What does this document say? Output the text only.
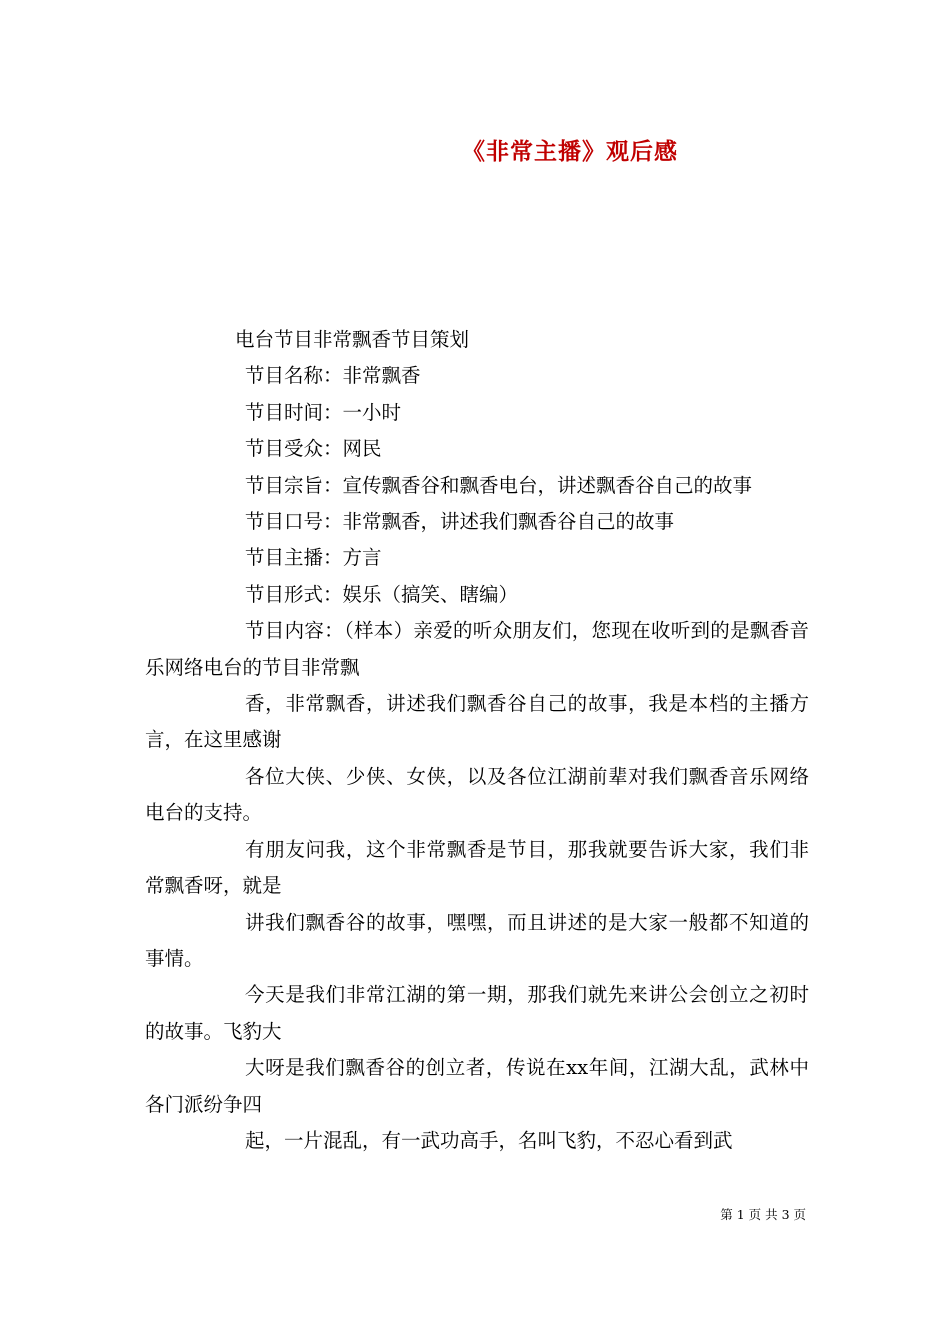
《非常主播》观后感

电台节目非常飘香节目策划

节目名称：非常飘香

节目时间：一小时

节目受众：网民

节目宗旨：宣传飘香谷和飘香电台，讲述飘香谷自己的故事

节目口号：非常飘香，讲述我们飘香谷自己的故事

节目主播：方言

节目形式：娱乐（搞笑、瞎编）

节目内容：（样本）亲爱的听众朋友们，您现在收听到的是飘香音乐网络电台的节目非常飘

香，非常飘香，讲述我们飘香谷自己的故事，我是本档的主播方言，在这里感谢

各位大侠、少侠、女侠，以及各位江湖前辈对我们飘香音乐网络电台的支持。

有朋友问我，这个非常飘香是节目，那我就要告诉大家，我们非常飘香呀，就是

讲我们飘香谷的故事，嘿嘿，而且讲述的是大家一般都不知道的事情。

今天是我们非常江湖的第一期，那我们就先来讲公会创立之初时的故事。飞豹大

大呀是我们飘香谷的创立者，传说在xx年间，江湖大乱，武林中各门派纷争四

起，一片混乱，有一武功高手，名叫飞豹，不忍心看到武

第 1 页 共 3 页
